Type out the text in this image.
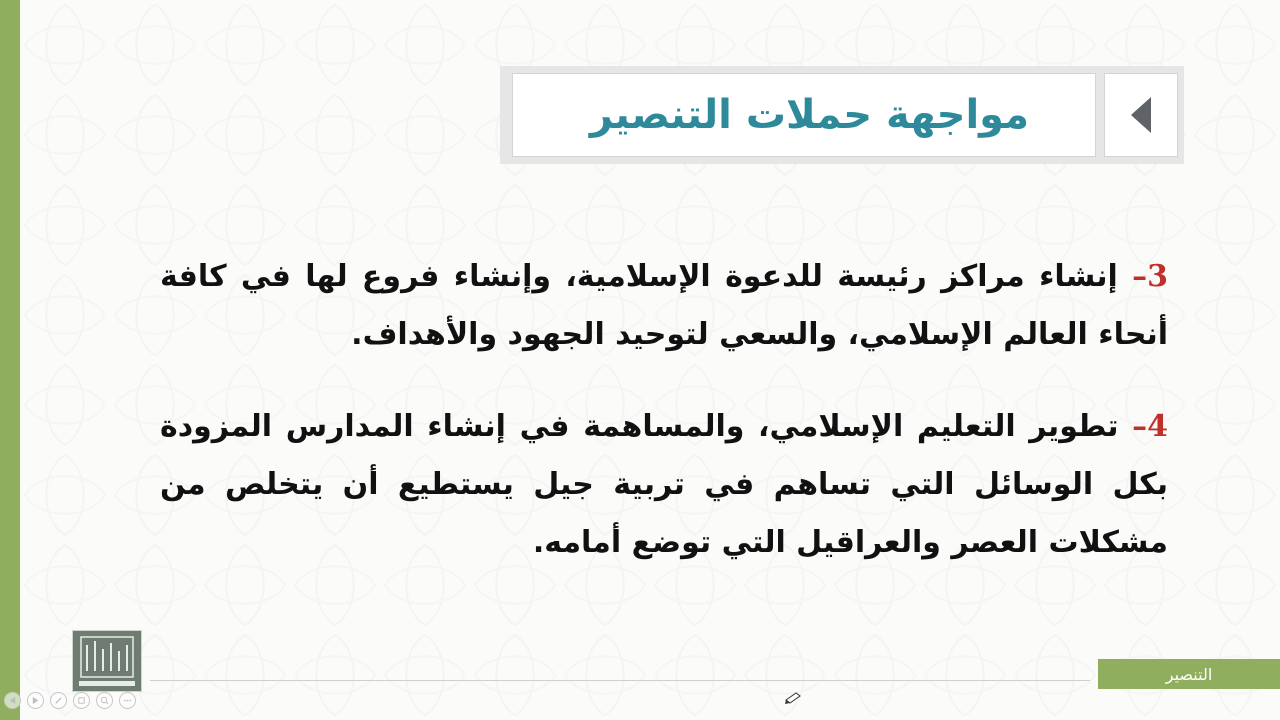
مواجهة حملات التنصير

3– إنشاء مراكز رئيسة للدعوة الإسلامية، وإنشاء فروع لها في كافة أنحاء العالم الإسلامي، والسعي لتوحيد الجهود والأهداف.

4– تطوير التعليم الإسلامي، والمساهمة في إنشاء المدارس المزودة بكل الوسائل التي تساهم في تربية جيل يستطيع أن يتخلص من مشكلات العصر والعراقيل التي توضع أمامه.

التنصير
